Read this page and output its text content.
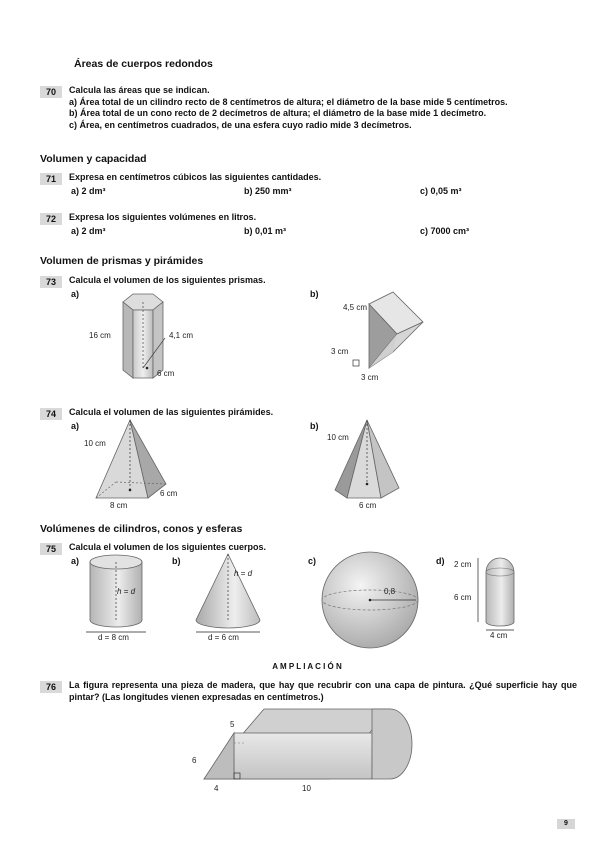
Áreas de cuerpos redondos
70	Calcula las áreas que se indican.
a) Área total de un cilindro recto de 8 centímetros de altura; el diámetro de la base mide 5 centímetros.
b) Área total de un cono recto de 2 decímetros de altura; el diámetro de la base mide 1 decímetro.
c) Área, en centímetros cuadrados, de una esfera cuyo radio mide 3 decímetros.
Volumen y capacidad
71	Expresa en centímetros cúbicos las siguientes cantidades.
a) 2 dm³	b) 250 mm³	c) 0,05 m³
72	Expresa los siguientes volúmenes en litros.
a) 2 dm³	b) 0,01 m³	c) 7000 cm³
Volumen de prismas y pirámides
73	Calcula el volumen de los siguientes prismas.
a)	b)
16 cm	4,1 cm
6 cm
4,5 cm
3 cm
3 cm
74	Calcula el volumen de las siguientes pirámides.
a)	b)
10 cm
8 cm
6 cm
10 cm
6 cm
Volúmenes de cilindros, conos y esferas
75	Calcula el volumen de los siguientes cuerpos.
a)	b)	c)	d)
h = d
d = 8 cm
h = d
d = 6 cm
0,8
2 cm
6 cm
4 cm
A M P L I A C I Ó N
76	La figura representa una pieza de madera, que hay que recubrir con una capa de pintura. ¿Qué superficie hay que pintar? (Las longitudes vienen expresadas en centímetros.)
5
6
4	10
9
